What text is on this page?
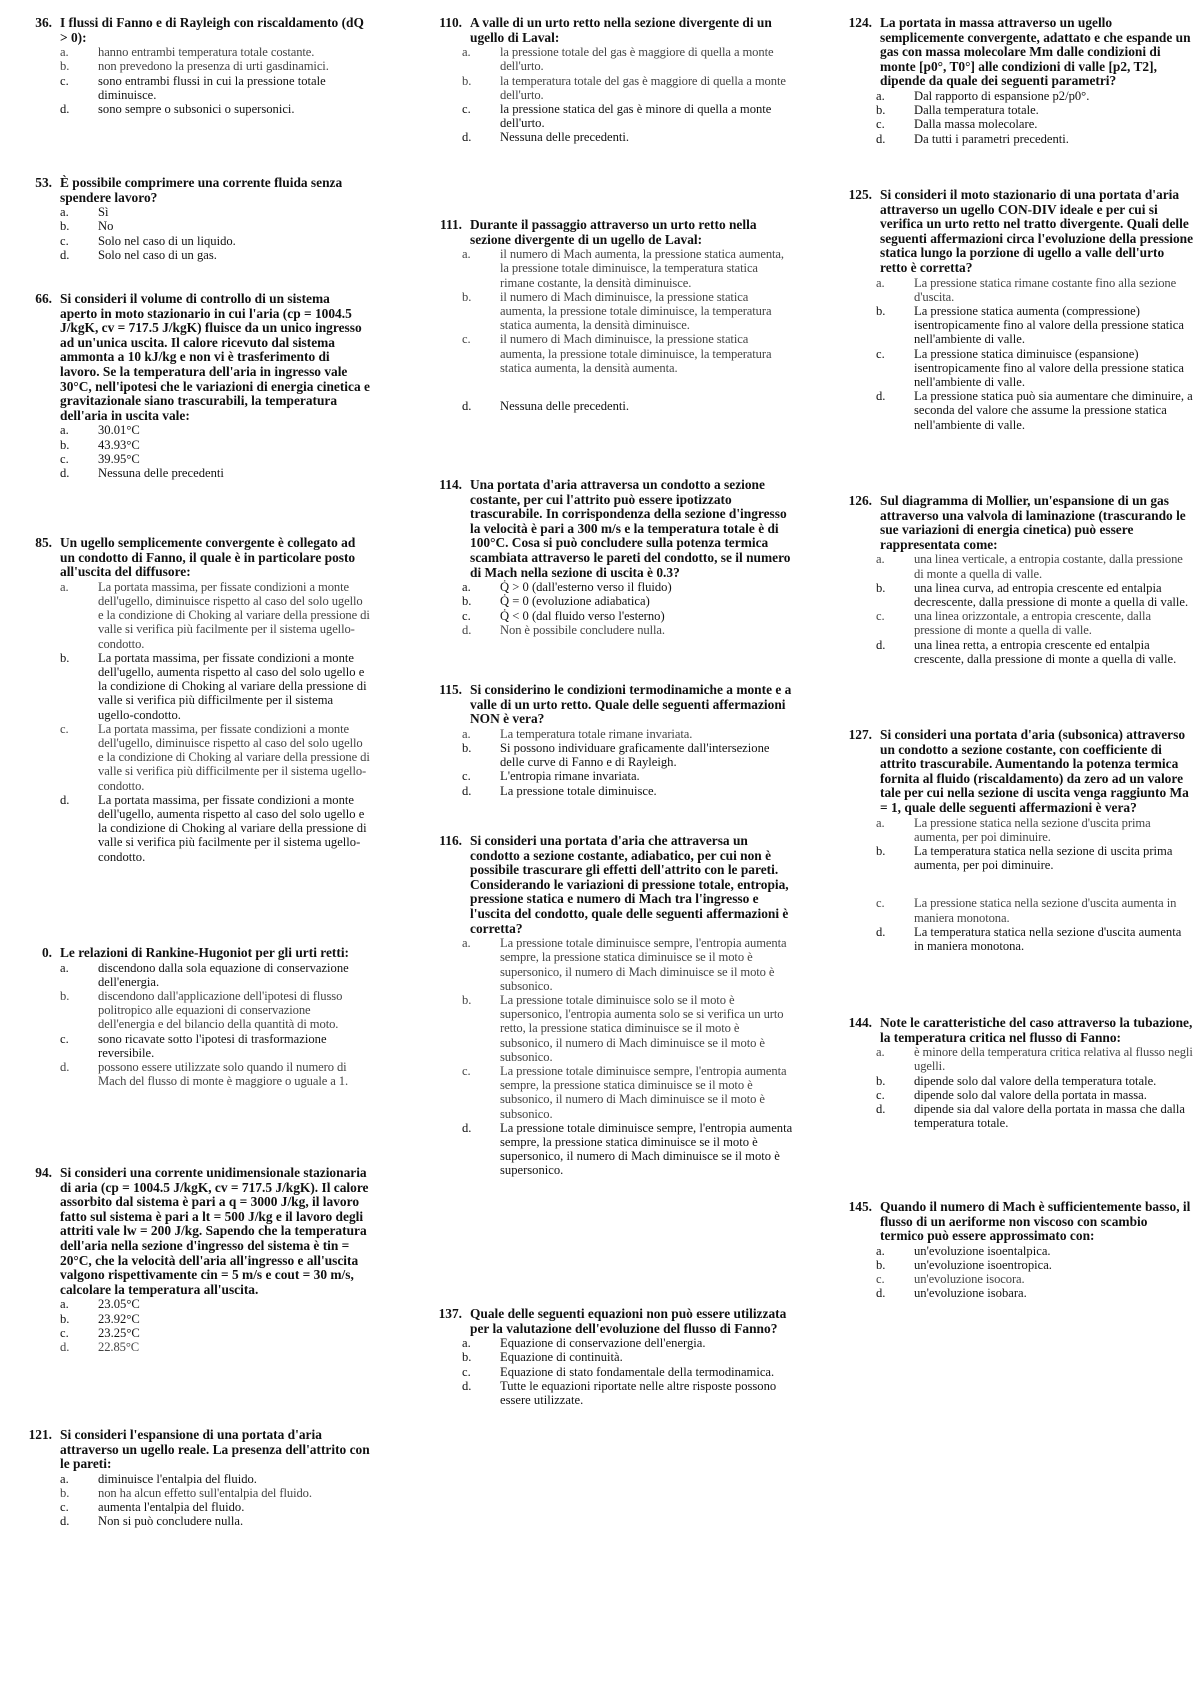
36. I flussi di Fanno e di Rayleigh con riscaldamento (dQ > 0):
a.	hanno entrambi temperatura totale costante.
b.	non prevedono la presenza di urti gasdinamici.
c.	sono entrambi flussi in cui la pressione totale diminuisce.
d.	sono sempre o subsonici o supersonici.
53. È possibile comprimere una corrente fluida senza spendere lavoro?
a.	Sì
b.	No
c.	Solo nel caso di un liquido.
d.	Solo nel caso di un gas.
66. Si consideri il volume di controllo di un sistema aperto in moto stazionario in cui l'aria (cp = 1004.5 J/kgK, cv = 717.5 J/kgK) fluisce da un unico ingresso ad un'unica uscita. Il calore ricevuto dal sistema ammonta a 10 kJ/kg e non vi è trasferimento di lavoro. Se la temperatura dell'aria in ingresso vale 30°C, nell'ipotesi che le variazioni di energia cinetica e gravitazionale siano trascurabili, la temperatura dell'aria in uscita vale:
a.	30.01°C
b.	43.93°C
c.	39.95°C
d.	Nessuna delle precedenti
85. Un ugello semplicemente convergente è collegato ad un condotto di Fanno, il quale è in particolare posto all'uscita del diffusore:
a.	La portata massima, per fissate condizioni a monte dell'ugello, diminuisce rispetto al caso del solo ugello e la condizione di Choking al variare della pressione di valle si verifica più facilmente per il sistema ugello-condotto.
b.	La portata massima, per fissate condizioni a monte dell'ugello, aumenta rispetto al caso del solo ugello e la condizione di Choking al variare della pressione di valle si verifica più difficilmente per il sistema ugello-condotto.
c.	La portata massima, per fissate condizioni a monte dell'ugello, diminuisce rispetto al caso del solo ugello e la condizione di Choking al variare della pressione di valle si verifica più difficilmente per il sistema ugello-condotto.
d.	La portata massima, per fissate condizioni a monte dell'ugello, aumenta rispetto al caso del solo ugello e la condizione di Choking al variare della pressione di valle si verifica più facilmente per il sistema ugello-condotto.
0. Le relazioni di Rankine-Hugoniot per gli urti retti:
a.	discendono dalla sola equazione di conservazione dell'energia.
b.	discendono dall'applicazione dell'ipotesi di flusso politropico alle equazioni di conservazione dell'energia e del bilancio della quantità di moto.
c.	sono ricavate sotto l'ipotesi di trasformazione reversibile.
d.	possono essere utilizzate solo quando il numero di Mach del flusso di monte è maggiore o uguale a 1.
94. Si consideri una corrente unidimensionale stazionaria di aria (cp = 1004.5 J/kgK, cv = 717.5 J/kgK). Il calore assorbito dal sistema è pari a q = 3000 J/kg, il lavoro fatto sul sistema è pari a lt = 500 J/kg e il lavoro degli attriti vale lw = 200 J/kg. Sapendo che la temperatura dell'aria nella sezione d'ingresso del sistema è tin = 20°C, che la velocità dell'aria all'ingresso e all'uscita valgono rispettivamente cin = 5 m/s e cout = 30 m/s, calcolare la temperatura all'uscita.
a.	23.05°C
b.	23.92°C
c.	23.25°C
d.	22.85°C
121. Si consideri l'espansione di una portata d'aria attraverso un ugello reale. La presenza dell'attrito con le pareti:
a.	diminuisce l'entalpia del fluido.
b.	non ha alcun effetto sull'entalpia del fluido.
c.	aumenta l'entalpia del fluido.
d.	Non si può concludere nulla.
110. A valle di un urto retto nella sezione divergente di un ugello di Laval:
a.	la pressione totale del gas è maggiore di quella a monte dell'urto.
b.	la temperatura totale del gas è maggiore di quella a monte dell'urto.
c.	la pressione statica del gas è minore di quella a monte dell'urto.
d.	Nessuna delle precedenti.
111. Durante il passaggio attraverso un urto retto nella sezione divergente di un ugello de Laval:
a.	il numero di Mach aumenta, la pressione statica aumenta, la pressione totale diminuisce, la temperatura statica rimane costante, la densità diminuisce.
b.	il numero di Mach diminuisce, la pressione statica aumenta, la pressione totale diminuisce, la temperatura statica aumenta, la densità diminuisce.
c.	il numero di Mach diminuisce, la pressione statica aumenta, la pressione totale diminuisce, la temperatura statica aumenta, la densità aumenta.
d.	Nessuna delle precedenti.
114. Una portata d'aria attraversa un condotto a sezione costante, per cui l'attrito può essere ipotizzato trascurabile. In corrispondenza della sezione d'ingresso la velocità è pari a 300 m/s e la temperatura totale è di 100°C. Cosa si può concludere sulla potenza termica scambiata attraverso le pareti del condotto, se il numero di Mach nella sezione di uscita è 0.3?
a.	Q̇ > 0 (dall'esterno verso il fluido)
b.	Q̇ = 0 (evoluzione adiabatica)
c.	Q̇ < 0 (dal fluido verso l'esterno)
d.	Non è possibile concludere nulla.
115. Si considerino le condizioni termodinamiche a monte e a valle di un urto retto. Quale delle seguenti affermazioni NON è vera?
a.	La temperatura totale rimane invariata.
b.	Si possono individuare graficamente dall'intersezione delle curve di Fanno e di Rayleigh.
c.	L'entropia rimane invariata.
d.	La pressione totale diminuisce.
116. Si consideri una portata d'aria che attraversa un condotto a sezione costante, adiabatico, per cui non è possibile trascurare gli effetti dell'attrito con le pareti. Considerando le variazioni di pressione totale, entropia, pressione statica e numero di Mach tra l'ingresso e l'uscita del condotto, quale delle seguenti affermazioni è corretta?
a.	La pressione totale diminuisce sempre, l'entropia aumenta sempre, la pressione statica diminuisce se il moto è supersonico, il numero di Mach diminuisce se il moto è subsonico.
b.	La pressione totale diminuisce solo se il moto è supersonico, l'entropia aumenta solo se si verifica un urto retto, la pressione statica diminuisce se il moto è subsonico, il numero di Mach diminuisce se il moto è subsonico.
c.	La pressione totale diminuisce sempre, l'entropia aumenta sempre, la pressione statica diminuisce se il moto è subsonico, il numero di Mach diminuisce se il moto è subsonico.
d.	La pressione totale diminuisce sempre, l'entropia aumenta sempre, la pressione statica diminuisce se il moto è supersonico, il numero di Mach diminuisce se il moto è supersonico.
137. Quale delle seguenti equazioni non può essere utilizzata per la valutazione dell'evoluzione del flusso di Fanno?
a.	Equazione di conservazione dell'energia.
b.	Equazione di continuità.
c.	Equazione di stato fondamentale della termodinamica.
d.	Tutte le equazioni riportate nelle altre risposte possono essere utilizzate.
124. La portata in massa attraverso un ugello semplicemente convergente, adattato e che espande un gas con massa molecolare Mm dalle condizioni di monte [p0°, T0°] alle condizioni di valle [p2, T2], dipende da quale dei seguenti parametri?
a.	Dal rapporto di espansione p2/p0°.
b.	Dalla temperatura totale.
c.	Dalla massa molecolare.
d.	Da tutti i parametri precedenti.
125. Si consideri il moto stazionario di una portata d'aria attraverso un ugello CON-DIV ideale e per cui si verifica un urto retto nel tratto divergente. Quali delle seguenti affermazioni circa l'evoluzione della pressione statica lungo la porzione di ugello a valle dell'urto retto è corretta?
a.	La pressione statica rimane costante fino alla sezione d'uscita.
b.	La pressione statica aumenta (compressione) isentropicamente fino al valore della pressione statica nell'ambiente di valle.
c.	La pressione statica diminuisce (espansione) isentropicamente fino al valore della pressione statica nell'ambiente di valle.
d.	La pressione statica può sia aumentare che diminuire, a seconda del valore che assume la pressione statica nell'ambiente di valle.
126. Sul diagramma di Mollier, un'espansione di un gas attraverso una valvola di laminazione (trascurando le sue variazioni di energia cinetica) può essere rappresentata come:
a.	una linea verticale, a entropia costante, dalla pressione di monte a quella di valle.
b.	una linea curva, ad entropia crescente ed entalpia decrescente, dalla pressione di monte a quella di valle.
c.	una linea orizzontale, a entropia crescente, dalla pressione di monte a quella di valle.
d.	una linea retta, a entropia crescente ed entalpia crescente, dalla pressione di monte a quella di valle.
127. Si consideri una portata d'aria (subsonica) attraverso un condotto a sezione costante, con coefficiente di attrito trascurabile. Aumentando la potenza termica fornita al fluido (riscaldamento) da zero ad un valore tale per cui nella sezione di uscita venga raggiunto Ma = 1, quale delle seguenti affermazioni è vera?
a.	La pressione statica nella sezione d'uscita prima aumenta, per poi diminuire.
b.	La temperatura statica nella sezione di uscita prima aumenta, per poi diminuire.
c.	La pressione statica nella sezione d'uscita aumenta in maniera monotona.
d.	La temperatura statica nella sezione d'uscita aumenta in maniera monotona.
144. Note le caratteristiche del caso attraverso la tubazione, la temperatura critica nel flusso di Fanno:
a.	è minore della temperatura critica relativa al flusso negli ugelli.
b.	dipende solo dal valore della temperatura totale.
c.	dipende solo dal valore della portata in massa.
d.	dipende sia dal valore della portata in massa che dalla temperatura totale.
145. Quando il numero di Mach è sufficientemente basso, il flusso di un aeriforme non viscoso con scambio termico può essere approssimato con:
a.	un'evoluzione isoentalpica.
b.	un'evoluzione isoentropica.
c.	un'evoluzione isocora.
d.	un'evoluzione isobara.
